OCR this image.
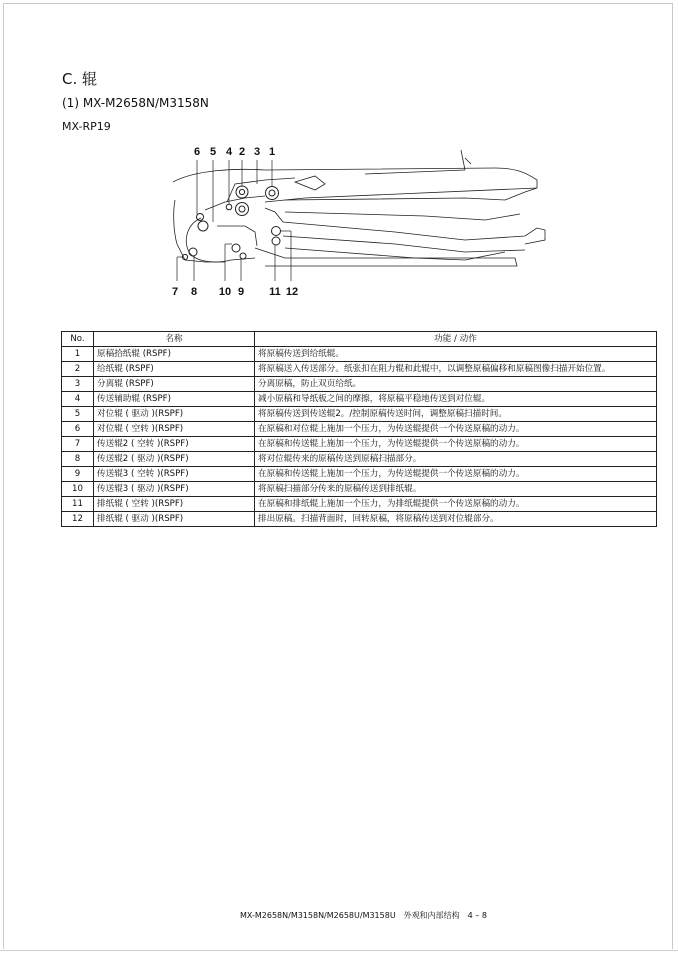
C. 辊
(1) MX-M2658N/M3158N
MX-RP19
1
2 3
4
5
6
7 8	9
10	11 12
No.	名称	功能 / 动作
1	原稿拾纸辊 (RSPF)	将原稿传送到给纸辊。
2	给纸辊 (RSPF)	将原稿送入传送部分。纸张扣在阻力辊和此辊中，以调整原稿偏移和原稿图像扫描开始位置。
3	分离辊 (RSPF)	分离原稿，防止双页给纸。
4	传送辅助辊 (RSPF)	减小原稿和导纸板之间的摩擦，将原稿平稳地传送到对位辊。
5	对位辊 ( 驱动 )(RSPF)	将原稿传送到传送辊2。/控制原稿传送时间，调整原稿扫描时间。
6	对位辊 ( 空转 )(RSPF)	在原稿和对位辊上施加一个压力，为传送辊提供一个传送原稿的动力。
7	传送辊2 ( 空转 )(RSPF)	在原稿和传送辊上施加一个压力，为传送辊提供一个传送原稿的动力。
8	传送辊2 ( 驱动 )(RSPF)	将对位辊传来的原稿传送到原稿扫描部分。
9	传送辊3 ( 空转 )(RSPF)	在原稿和传送辊上施加一个压力，为传送辊提供一个传送原稿的动力。
10	传送辊3 ( 驱动 )(RSPF)	将原稿扫描部分传来的原稿传送到排纸辊。
11	排纸辊 ( 空转 )(RSPF)	在原稿和排纸辊上施加一个压力，为排纸辊提供一个传送原稿的动力。
12	排纸辊 ( 驱动 )(RSPF)	排出原稿。扫描背面时，回转原稿，将原稿传送到对位辊部分。
MX-M2658N/M3158N/M2658U/M3158U　外观和内部结构　4 – 8
